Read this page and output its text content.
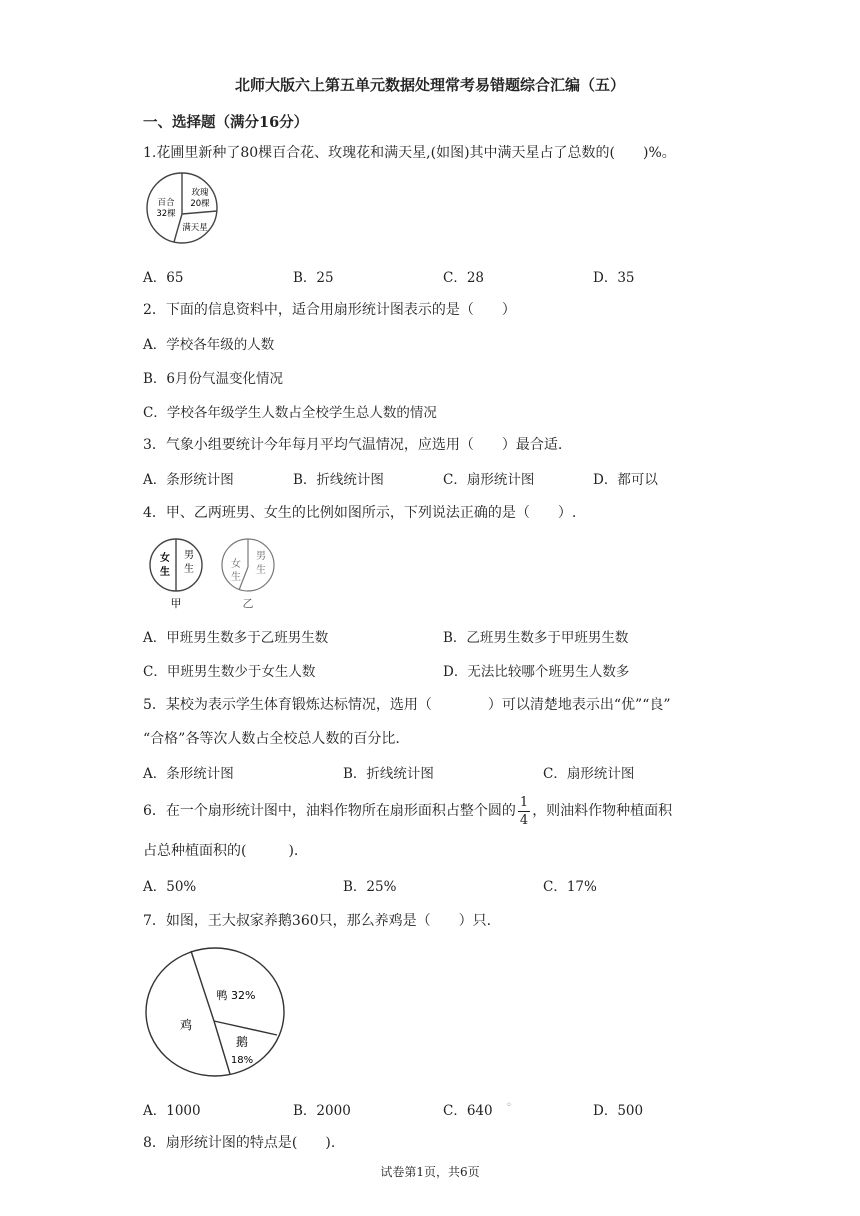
北师大版六上第五单元数据处理常考易错题综合汇编（五）
一、选择题（满分16分）
1.花圃里新种了80棵百合花、玫瑰花和满天星,(如图)其中满天星占了总数的(　　)%。
百合
32棵
玫瑰
20棵
满天星
A．65	B．25	C．28	D．35
2．下面的信息资料中，适合用扇形统计图表示的是（　　）
A．学校各年级的人数
B．6月份气温变化情况
C．学校各年级学生人数占全校学生总人数的情况
3．气象小组要统计今年每月平均气温情况，应选用（　　）最合适.
A．条形统计图	B．折线统计图	C．扇形统计图	D．都可以
4．甲、乙两班男、女生的比例如图所示，下列说法正确的是（　　）.
女
生
男
生
甲
女
生
男
生
乙
A．甲班男生数多于乙班男生数	B．乙班男生数多于甲班男生数
C．甲班男生数少于女生人数	D．无法比较哪个班男生人数多
5．某校为表示学生体育锻炼达标情况，选用（　　　　）可以清楚地表示出“优”“良”
“合格”各等次人数占全校总人数的百分比.
A．条形统计图	B．折线统计图	C．扇形统计图
6．在一个扇形统计图中，油料作物所在扇形面积占整个圆的 $\frac{1}{4}$ ，则油料作物种植面积
占总种植面积的(　　　).
A．50%	B．25%	C．17%
7．如图，王大叔家养鹅360只，那么养鸡是（　　）只.
鸡
鸭 32%
鹅
18%
A．1000	B．2000	C．640 ◦	D．500
8．扇形统计图的特点是(　　).
试卷第1页，共6页
